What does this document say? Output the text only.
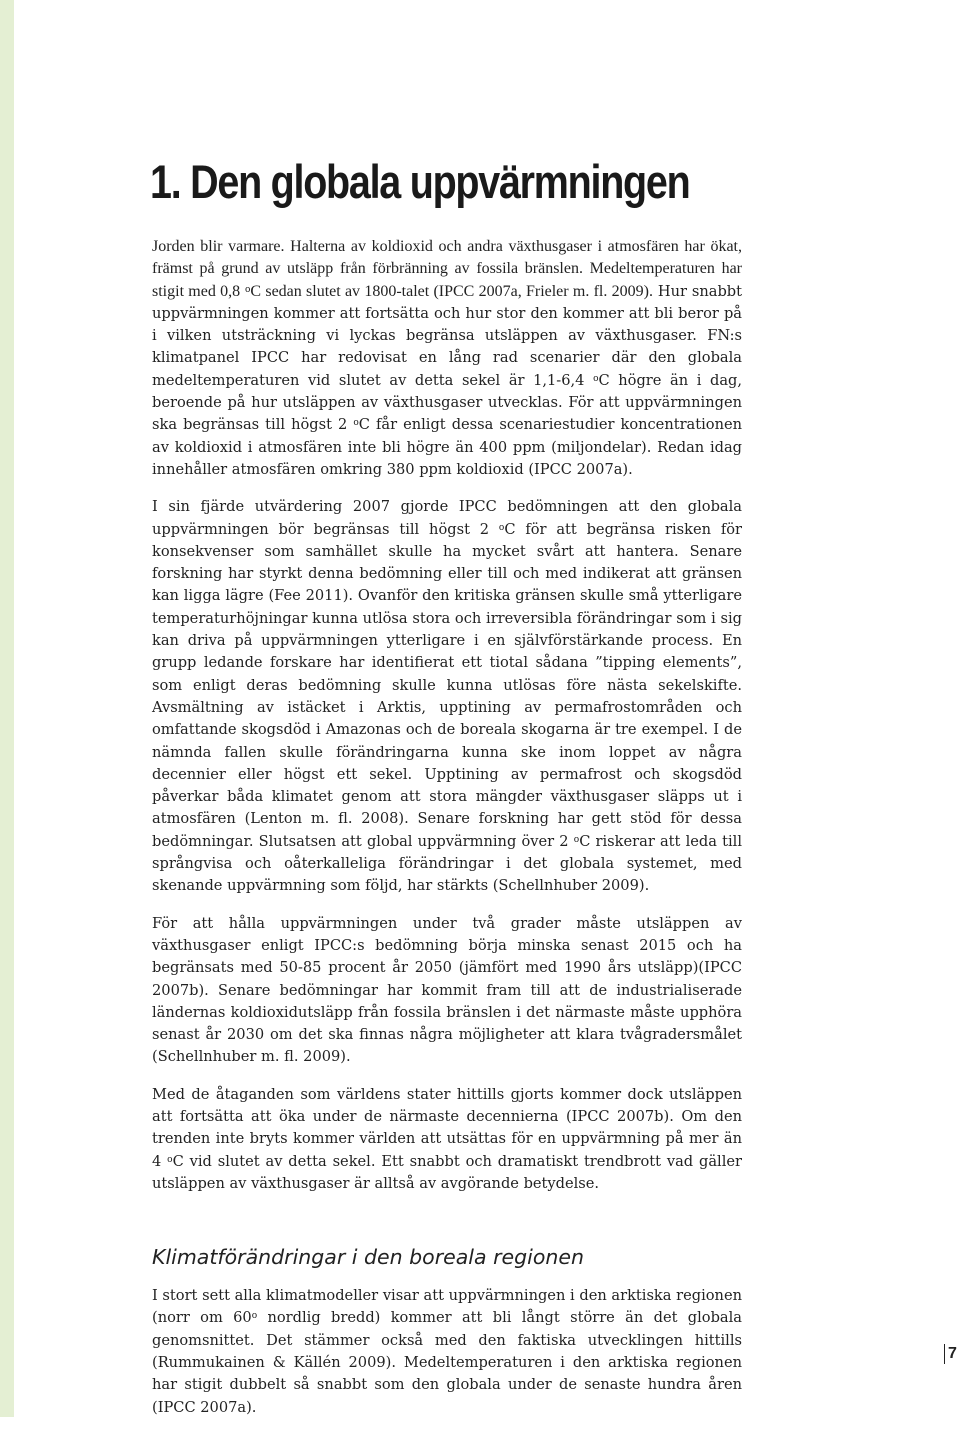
1. Den globala uppvärmningen

Jorden blir varmare. Halterna av koldioxid och andra växthusgaser i atmosfären har ökat, främst på grund av utsläpp från förbränning av fossila bränslen. Medeltemperaturen har stigit med 0,8 $^o$C sedan slutet av 1800-talet (IPCC 2007a, Frieler m. fl. 2009). Hur snabbt uppvärmningen kommer att fortsätta och hur stor den kommer att bli beror på i vilken utsträckning vi lyckas begränsa utsläppen av växthusgaser. FN:s klimatpanel IPCC har redovisat en lång rad scenarier där den globala medeltemperaturen vid slutet av detta sekel är 1,1-6,4 $^o$C högre än i dag, beroende på hur utsläppen av växthusgaser utvecklas. För att uppvärmningen ska begränsas till högst 2 $^o$C får enligt dessa scenariestudier koncentrationen av koldioxid i atmosfären inte bli högre än 400 ppm (miljondelar). Redan idag innehåller atmosfären omkring 380 ppm koldioxid (IPCC 2007a).

I sin fjärde utvärdering 2007 gjorde IPCC bedömningen att den globala uppvärmningen bör begränsas till högst 2 $^o$C för att begränsa risken för konsekvenser som samhället skulle ha mycket svårt att hantera. Senare forskning har styrkt denna bedömning eller till och med indikerat att gränsen kan ligga lägre (Fee 2011). Ovanför den kritiska gränsen skulle små ytterligare temperaturhöjningar kunna utlösa stora och irreversibla förändringar som i sig kan driva på uppvärmningen ytterligare i en självförstärkande process. En grupp ledande forskare har identifierat ett tiotal sådana ”tipping elements”, som enligt deras bedömning skulle kunna utlösas före nästa sekelskifte. Avsmältning av istäcket i Arktis, upptining av permafrostområden och omfattande skogsdöd i Amazonas och de boreala skogarna är tre exempel. I de nämnda fallen skulle förändringarna kunna ske inom loppet av några decennier eller högst ett sekel. Upptining av permafrost och skogsdöd påverkar båda klimatet genom att stora mängder växthusgaser släpps ut i atmosfären (Lenton m. fl. 2008). Senare forskning har gett stöd för dessa bedömningar. Slutsatsen att global uppvärmning över 2 $^o$C riskerar att leda till språngvisa och oåterkalleliga förändringar i det globala systemet, med skenande uppvärmning som följd, har stärkts (Schellnhuber 2009).

För att hålla uppvärmningen under två grader måste utsläppen av växthusgaser enligt IPCC:s bedömning börja minska senast 2015 och ha begränsats med 50-85 procent år 2050 (jämfört med 1990 års utsläpp)(IPCC 2007b). Senare bedömningar har kommit fram till att de industrialiserade ländernas koldioxidutsläpp från fossila bränslen i det närmaste måste upphöra senast år 2030 om det ska finnas några möjligheter att klara tvågradersmålet (Schellnhuber m. fl. 2009).

Med de åtaganden som världens stater hittills gjorts kommer dock utsläppen att fortsätta att öka under de närmaste decennierna (IPCC 2007b). Om den trenden inte bryts kommer världen att utsättas för en uppvärmning på mer än 4 $^o$C vid slutet av detta sekel. Ett snabbt och dramatiskt trendbrott vad gäller utsläppen av växthusgaser är alltså av avgörande betydelse.

Klimatförändringar i den boreala regionen

I stort sett alla klimatmodeller visar att uppvärmningen i den arktiska regionen (norr om 60$^o$ nordlig bredd) kommer att bli långt större än det globala genomsnittet. Det stämmer också med den faktiska utvecklingen hittills (Rummukainen & Källén 2009). Medeltemperaturen i den arktiska regionen har stigit dubbelt så snabbt som den globala under de senaste hundra åren (IPCC 2007a).

7
